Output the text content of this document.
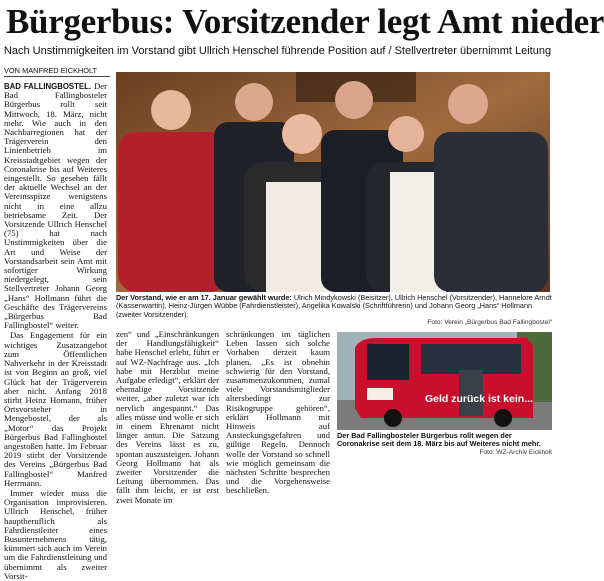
Bürgerbus: Vorsitzender legt Amt nieder
Nach Unstimmigkeiten im Vorstand gibt Ullrich Henschel führende Position auf / Stellvertreter übernimmt Leitung
VON MANFRED EICKHOLT

BAD FALLINGBOSTEL. Der Bad Fallingbosteler Bürgerbus rollt seit Mittwoch, 18. März, nicht mehr. Wie auch in den Nachbarregionen hat der Trägerverein den Linienbetrieb im Kreisstadtgebiet wegen der Coronakrise bis auf Weiteres eingestellt. So gesehen fällt der aktuelle Wechsel an der Vereinsspitze wenigstens nicht in eine allzu betriebsame Zeit. Der Vorsitzende Ullrich Henschel (75) hat nach Unstimmigkeiten über die Art und Weise der Vorstandsarbeit sein Amt mit sofortiger Wirkung niedergelegt, sein Stellvertreter Johann Georg „Hans“ Hollmann führt die Geschäfte des Trägervereins „Bürgerbus Bad Fallingbostel“ weiter.

Das Engagement für ein wichtiges Zusatzangebot zum Öffentlichen Nahverkehr in der Kreisstadt ist von Beginn an groß, viel Glück hat der Trägerverein aber nicht. Anfang 2018 stirbt Heinz Homann, früher Ortsvorsteher in Mengebostel, der als „Motor“ das Projekt Bürgerbus Bad Fallingbostel angestoßen hatte. Im Februar 2019 stirbt der Vorsitzende des Vereins „Bürgerbus Bad Fallingbostel“ Manfred Herrmann.

Immer wieder muss die Organisation improvisieren. Ullrich Henschel, früher hauptberuflich als Fahrdienstleiter eines Busunternehmens tätig, kümmert sich auch im Verein um die Fahrdienstleitung und übernimmt als zweiter Vorsit-

Der Vorstand, wie er am 17. Januar gewählt wurde: Ulrich Mindykowski (Beisitzer), Ullrich Henschel (Vorsitzender), Hannelore Arndt (Kassenwartin), Heinz-Jürgen Wübbe (Fahrdienstleister), Angelika Kowalski (Schriftführerin) und Johann Georg „Hans“ Hollmann (zweiter Vorsitzender).
Foto: Verein „Bürgerbus Bad Fallingbostel“

zen“ und „Einschränkungen der Handlungsfähigkeit“ habe Henschel erlebt, führt er auf WZ-Nachfrage aus. „Ich habe mit Herzblut meine Aufgabe erledigt“, erklärt der ehemalige Vorsitzende weiter, „aber zuletzt war ich nervlich angespannt.“ Das alles müsse und wolle er sich in einem Ehrenamt nicht länger antun. Die Satzung des Vereins lässt es zu, spontan auszusteigen. Johann Georg Hollmann hat als zweiter Vorsitzender die Leitung übernommen. Das fällt ihm leicht, er ist erst zwei Monate im

schränkungen im täglichen Leben lassen sich solche Vorhaben derzeit kaum planen. „Es ist obnehin schwierig für den Vorstand, zusammenzukommen, zumal viele Vorstandsmitglieder altersbedingt zur Risikogruppe gehören“, erklärt Hollmann mit Hinweis auf Ansteckungsgefahren und gültige Regeln. Dennoch wolle der Vorstand so schnell wie möglich gemeinsam die nächsten Schritte besprechen und die Vorgehensweise beschließen.

Geld zurück ist kein...
Der Bad Fallingbosteler Bürgerbus rollt wegen der Coronakrise seit dem 18. März bis auf Weiteres nicht mehr.
Foto: WZ-Archiv Eickholt
